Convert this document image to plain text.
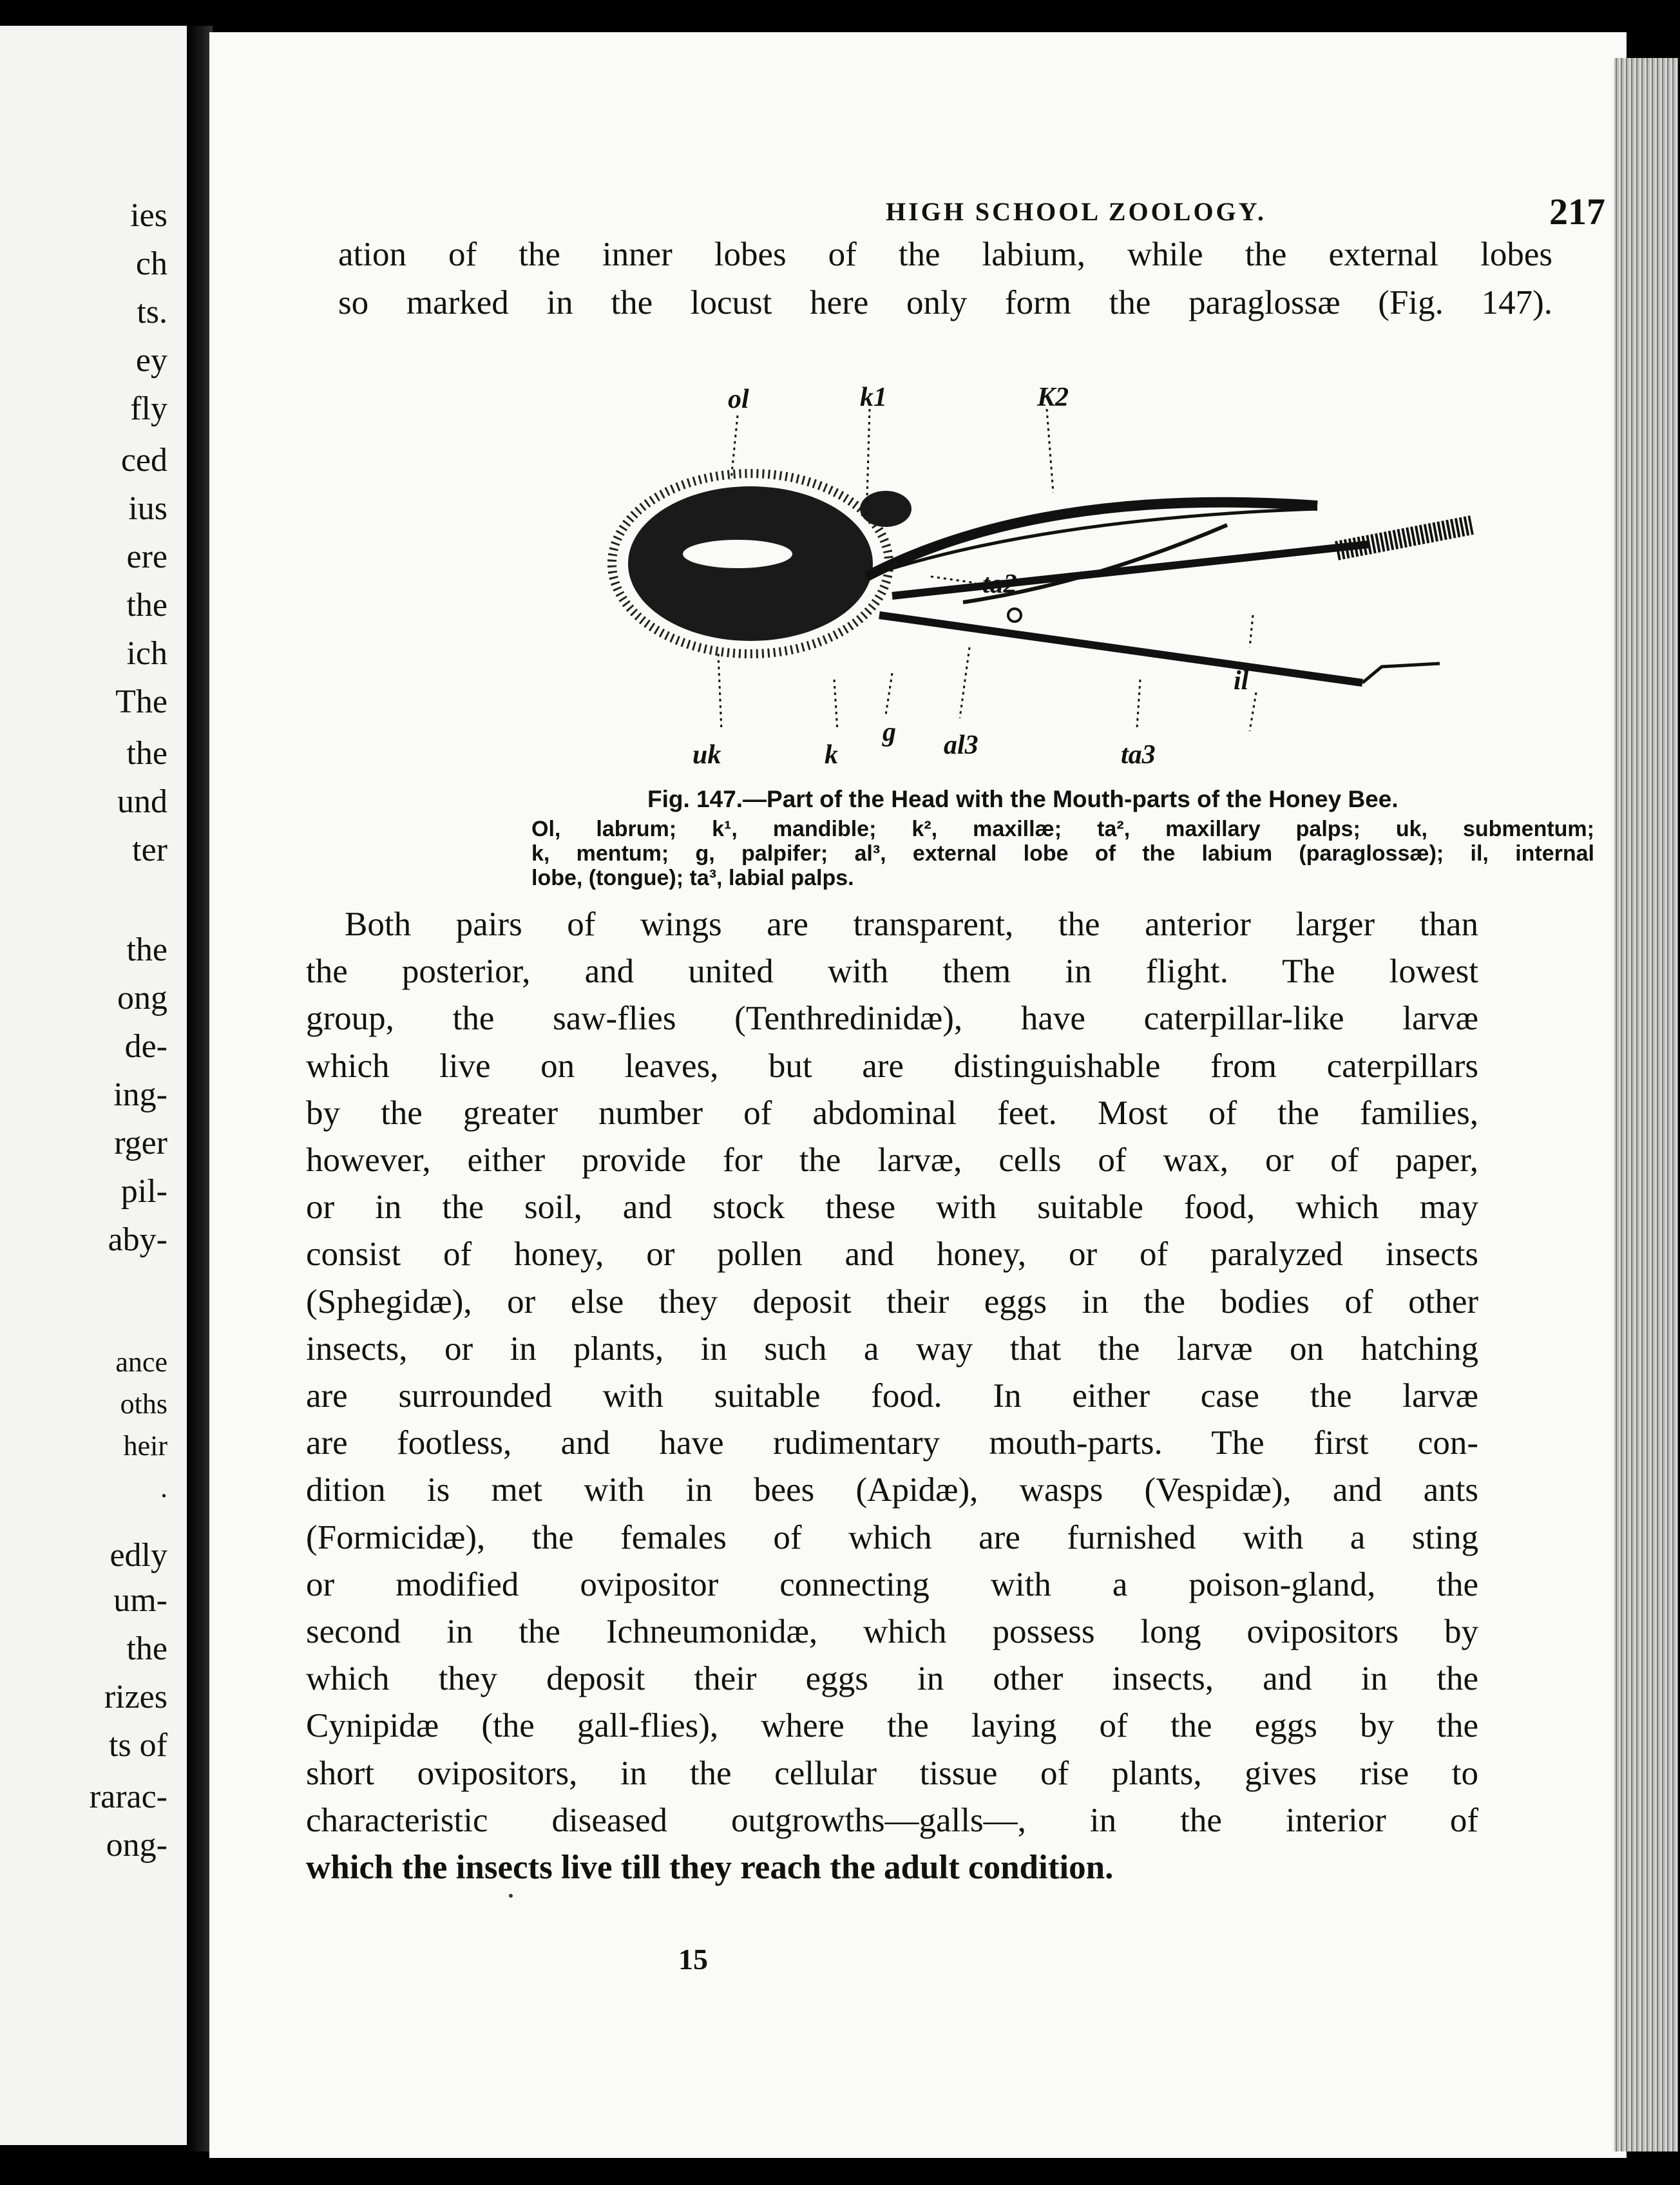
ies
ch
ts.
ey
fly
ced
ius
ere
the
ich
The
the
und
ter
the
ong
de-
ing-
rger
pil-
aby-
ance
oths
heir
.
edly
um-
the
rizes
ts of
rarac-
ong-
HIGH SCHOOL ZOOLOGY.	217
ation of the inner lobes of the labium, while the external lobes
so marked in the locust here only form the paraglossæ (Fig. 147).
ol	k1	K2
ta2
il
uk	k
g al3	ta3
Fig. 147.—Part of the Head with the Mouth-parts of the Honey Bee.
Ol, labrum; k¹, mandible; k², maxillæ; ta², maxillary palps; uk, submentum;
k, mentum; g, palpifer; al³, external lobe of the labium (paraglossæ); il, internal
lobe, (tongue); ta³, labial palps.
15
Both pairs of wings are transparent, the anterior larger than
the posterior, and united with them in flight. The lowest
group, the saw-flies (Tenthredinidæ), have caterpillar-like larvæ
which live on leaves, but are distinguishable from caterpillars
by the greater number of abdominal feet. Most of the families,
however, either provide for the larvæ, cells of wax, or of paper,
or in the soil, and stock these with suitable food, which may
consist of honey, or pollen and honey, or of paralyzed insects
(Sphegidæ), or else they deposit their eggs in the bodies of other
insects, or in plants, in such a way that the larvæ on hatching
are surrounded with suitable food. In either case the larvæ
are footless, and have rudimentary mouth-parts. The first con-
dition is met with in bees (Apidæ), wasps (Vespidæ), and ants
(Formicidæ), the females of which are furnished with a sting
or modified ovipositor connecting with a poison-gland, the
second in the Ichneumonidæ, which possess long ovipositors by
which they deposit their eggs in other insects, and in the
Cynipidæ (the gall-flies), where the laying of the eggs by the
short ovipositors, in the cellular tissue of plants, gives rise to
characteristic diseased outgrowths—galls—, in the interior of
which the insects live till they reach the adult condition.
